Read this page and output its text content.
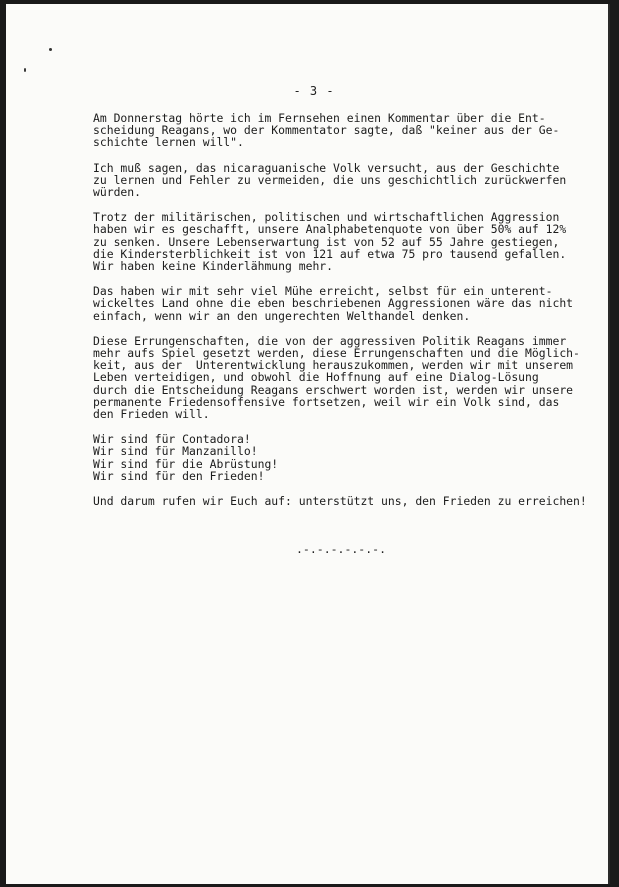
- 3 -
Am Donnerstag hörte ich im Fernsehen einen Kommentar über die Ent-
scheidung Reagans, wo der Kommentator sagte, daß "keiner aus der Ge-
schichte lernen will".
Ich muß sagen, das nicaraguanische Volk versucht, aus der Geschichte
zu lernen und Fehler zu vermeiden, die uns geschichtlich zurückwerfen
würden.
Trotz der militärischen, politischen und wirtschaftlichen Aggression
haben wir es geschafft, unsere Analphabetenquote von über 50% auf 12%
zu senken. Unsere Lebenserwartung ist von 52 auf 55 Jahre gestiegen,
die Kindersterblichkeit ist von 121 auf etwa 75 pro tausend gefallen.
Wir haben keine Kinderlähmung mehr.
Das haben wir mit sehr viel Mühe erreicht, selbst für ein unterent-
wickeltes Land ohne die eben beschriebenen Aggressionen wäre das nicht
einfach, wenn wir an den ungerechten Welthandel denken.
Diese Errungenschaften, die von der aggressiven Politik Reagans immer
mehr aufs Spiel gesetzt werden, diese Errungenschaften und die Möglich-
keit, aus der  Unterentwicklung herauszukommen, werden wir mit unserem
Leben verteidigen, und obwohl die Hoffnung auf eine Dialog-Lösung
durch die Entscheidung Reagans erschwert worden ist, werden wir unsere
permanente Friedensoffensive fortsetzen, weil wir ein Volk sind, das
den Frieden will.
Wir sind für Contadora!
Wir sind für Manzanillo!
Wir sind für die Abrüstung!
Wir sind für den Frieden!
Und darum rufen wir Euch auf: unterstützt uns, den Frieden zu erreichen!
.-.-.-.-.-.-.
